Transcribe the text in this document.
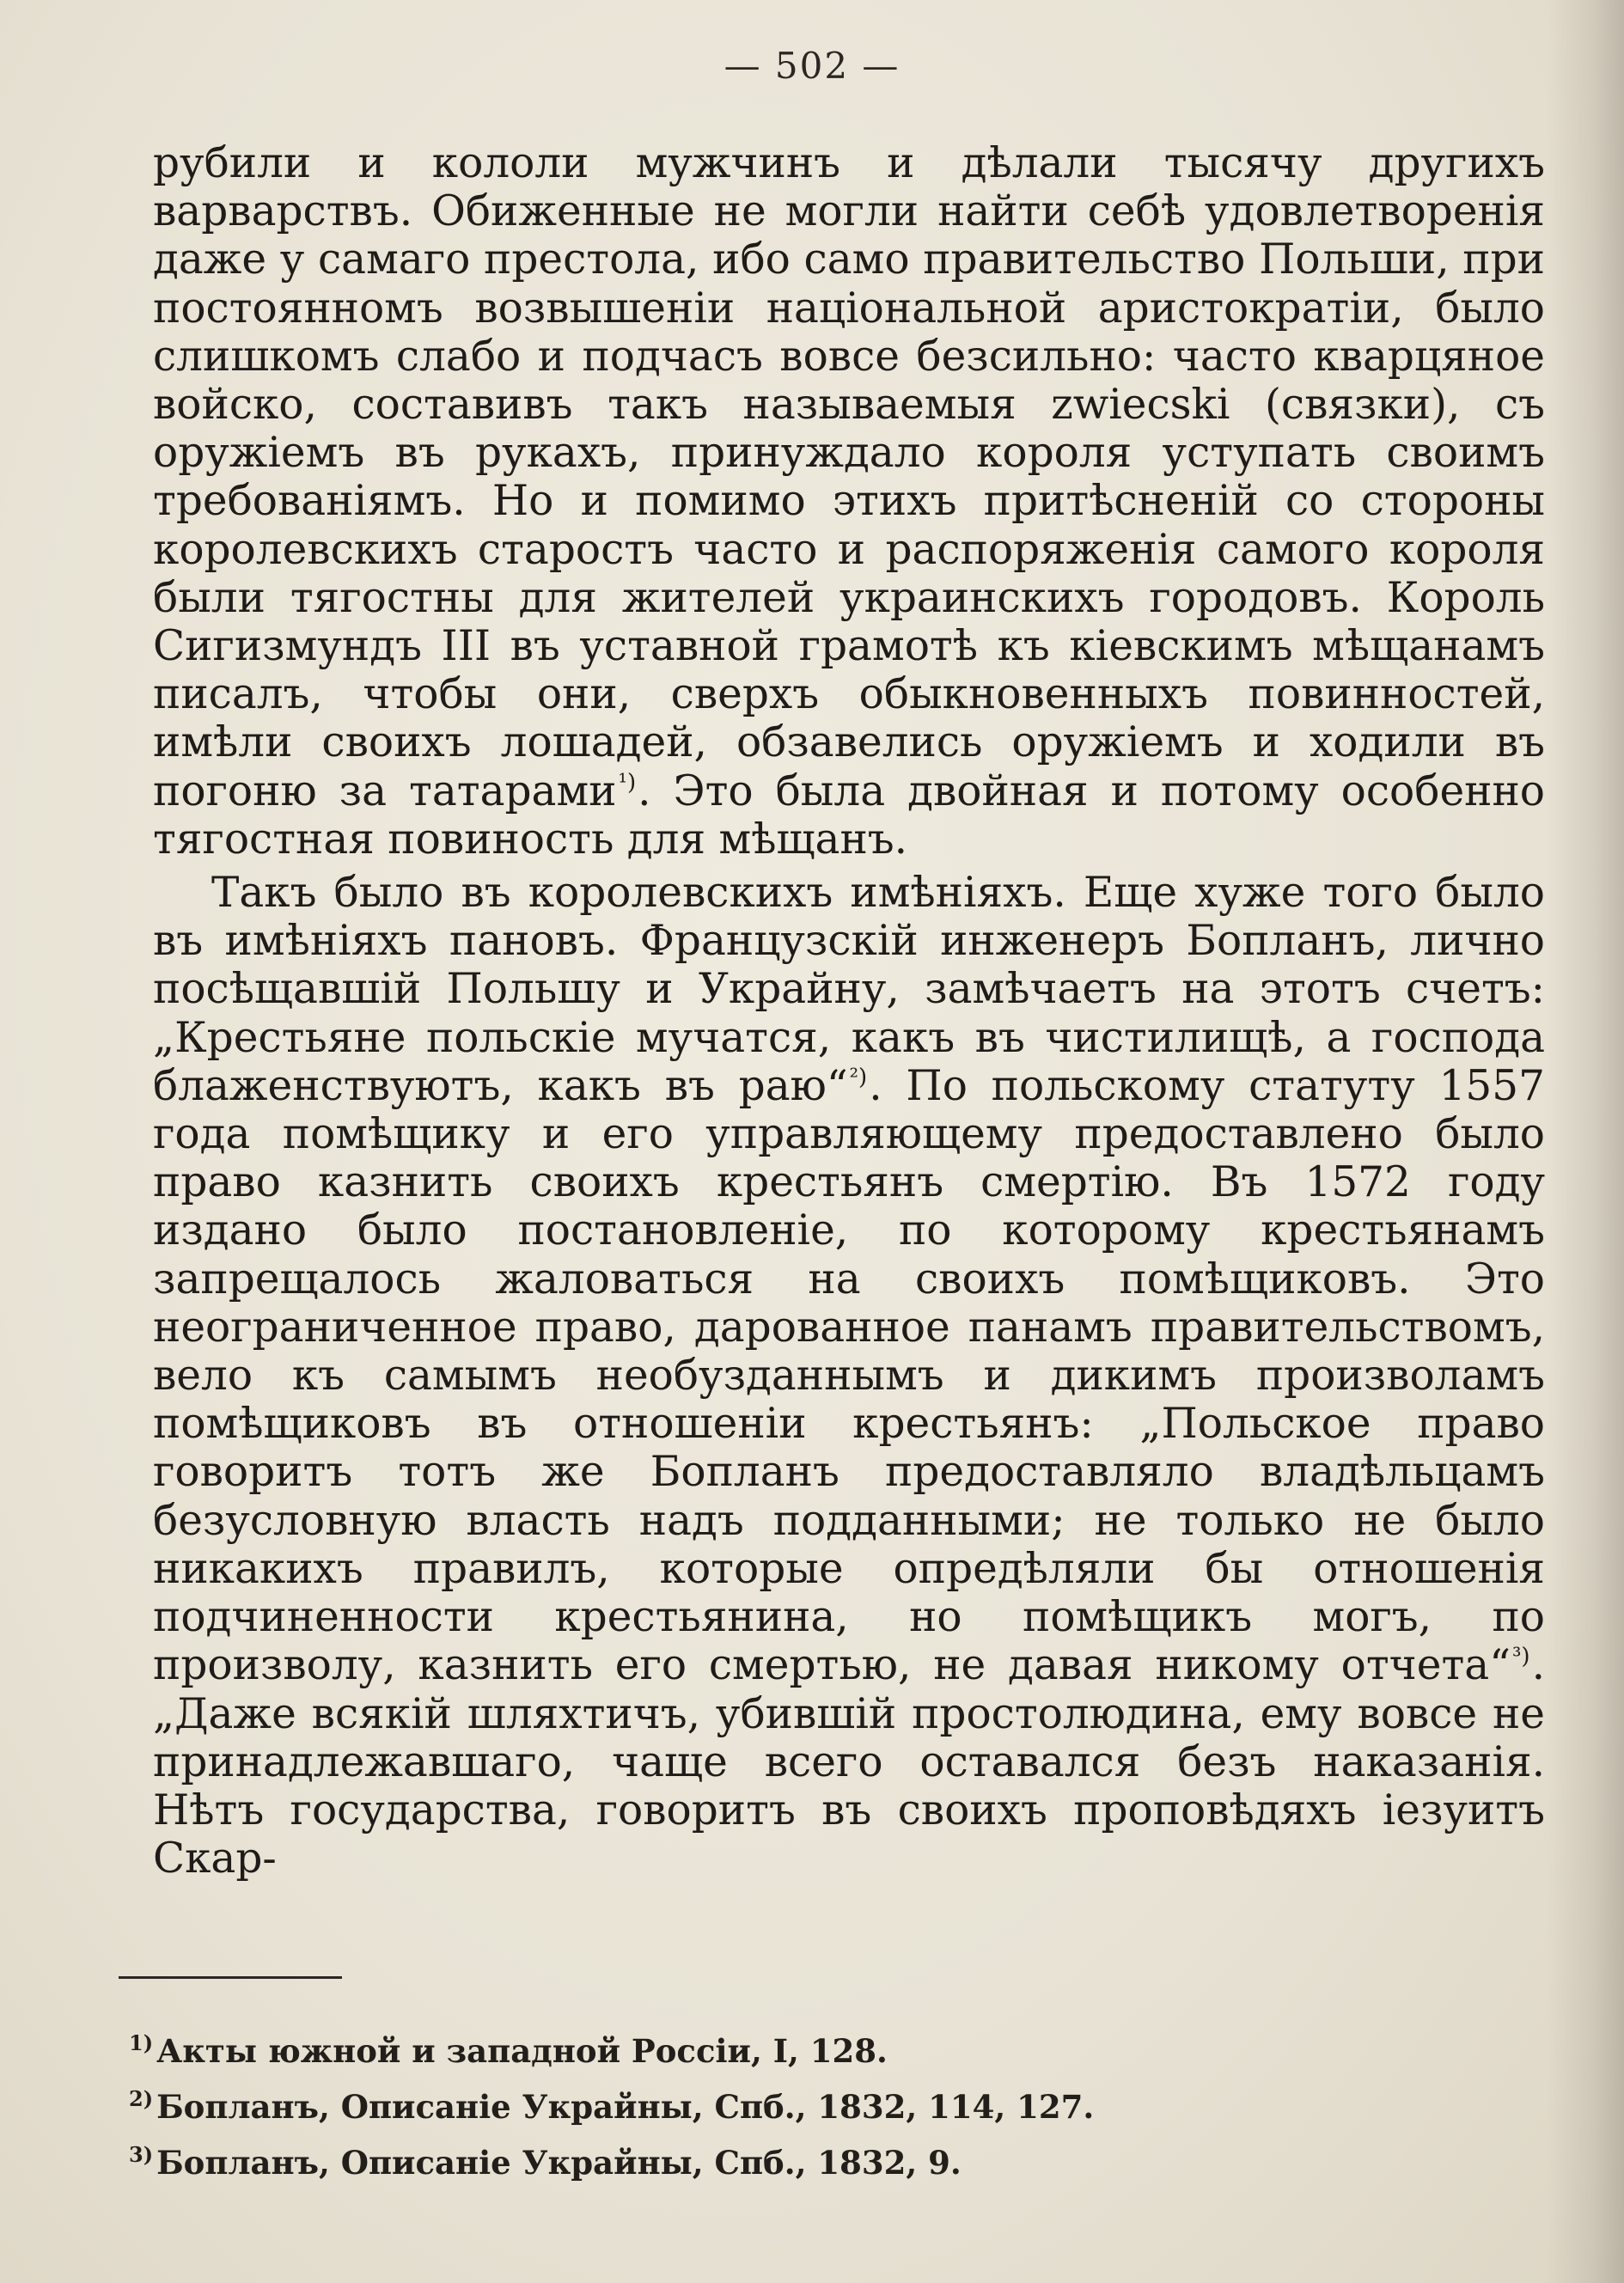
— 502 —

рубили и кололи мужчинъ и дѣлали тысячу другихъ варварствъ. Обиженные не могли найти себѣ удовлетворенія даже у самаго престола, ибо само правительство Польши, при постоянномъ возвышеніи національной аристократіи, было слишкомъ слабо и подчасъ вовсе безсильно: часто кварцяное войско, составивъ такъ называемыя zwiecski (связки), съ оружіемъ въ рукахъ, принуждало короля уступать своимъ требованіямъ. Но и помимо этихъ притѣсненій со стороны королевскихъ старостъ часто и распоряженія самого короля были тягостны для жителей украинскихъ городовъ. Король Сигизмундъ III въ уставной грамотѣ къ кіевскимъ мѣщанамъ писалъ, чтобы они, сверхъ обыкновенныхъ повинностей, имѣли своихъ лошадей, обзавелись оружіемъ и ходили въ погоню за татарами$^{^1)}$. Это была двойная и потому особенно тягостная повиность для мѣщанъ.

Такъ было въ королевскихъ имѣніяхъ. Еще хуже того было въ имѣніяхъ пановъ. Французскій инженеръ Бопланъ, лично посѣщавшій Польшу и Украйну, замѣчаетъ на этотъ счетъ: „Крестьяне польскіе мучатся, какъ въ чистилищѣ, а господа блаженствуютъ, какъ въ раю“$^{^2)}$. По польскому статуту 1557 года помѣщику и его управляющему предоставлено было право казнить своихъ крестьянъ смертію. Въ 1572 году издано было постановленіе, по которому крестьянамъ запрещалось жаловаться на своихъ помѣщиковъ. Это неограниченное право, дарованное панамъ правительствомъ, вело къ самымъ необузданнымъ и дикимъ произволамъ помѣщиковъ въ отношеніи крестьянъ: „Польское право говоритъ тотъ же Бопланъ предоставляло владѣльцамъ безусловную власть надъ подданными; не только не было никакихъ правилъ, которые опредѣляли бы отношенія подчиненности крестьянина, но помѣщикъ могъ, по произволу, казнить его смертью, не давая никому отчета“$^{^3)}$. „Даже всякій шляхтичъ, убившій простолюдина, ему вовсе не принадлежавшаго, чаще всего оставался безъ наказанія. Нѣтъ государства, говоритъ въ своихъ проповѣдяхъ іезуитъ Скар-

$^{1)}$ Акты южной и западной Россіи, I, 128.
$^{2)}$ Бопланъ, Описаніе Украйны, Спб., 1832, 114, 127.
$^{3)}$ Бопланъ, Описаніе Украйны, Спб., 1832, 9.
